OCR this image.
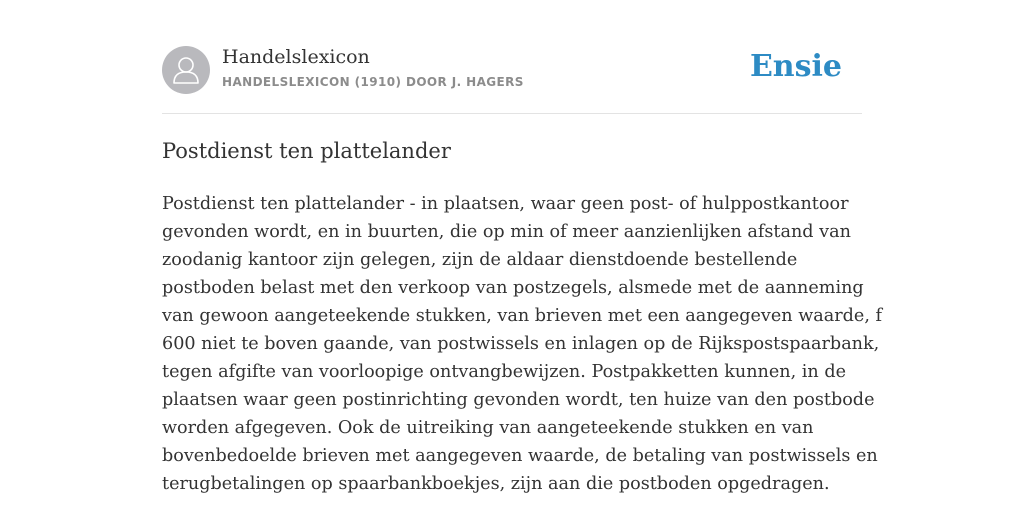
Handelslexicon
HANDELSLEXICON (1910) DOOR J. HAGERS	Ensie
Postdienst ten plattelander

Postdienst ten plattelander - in plaatsen, waar geen post- of hulppostkantoor
gevonden wordt, en in buurten, die op min of meer aanzienlijken afstand van
zoodanig kantoor zijn gelegen, zijn de aldaar dienstdoende bestellende
postboden belast met den verkoop van postzegels, alsmede met de aanneming
van gewoon aangeteekende stukken, van brieven met een aangegeven waarde, f
600 niet te boven gaande, van postwissels en inlagen op de Rijkspostspaarbank,
tegen afgifte van voorloopige ontvangbewijzen. Postpakketten kunnen, in de
plaatsen waar geen postinrichting gevonden wordt, ten huize van den postbode
worden afgegeven. Ook de uitreiking van aangeteekende stukken en van
bovenbedoelde brieven met aangegeven waarde, de betaling van postwissels en
terugbetalingen op spaarbankboekjes, zijn aan die postboden opgedragen.
